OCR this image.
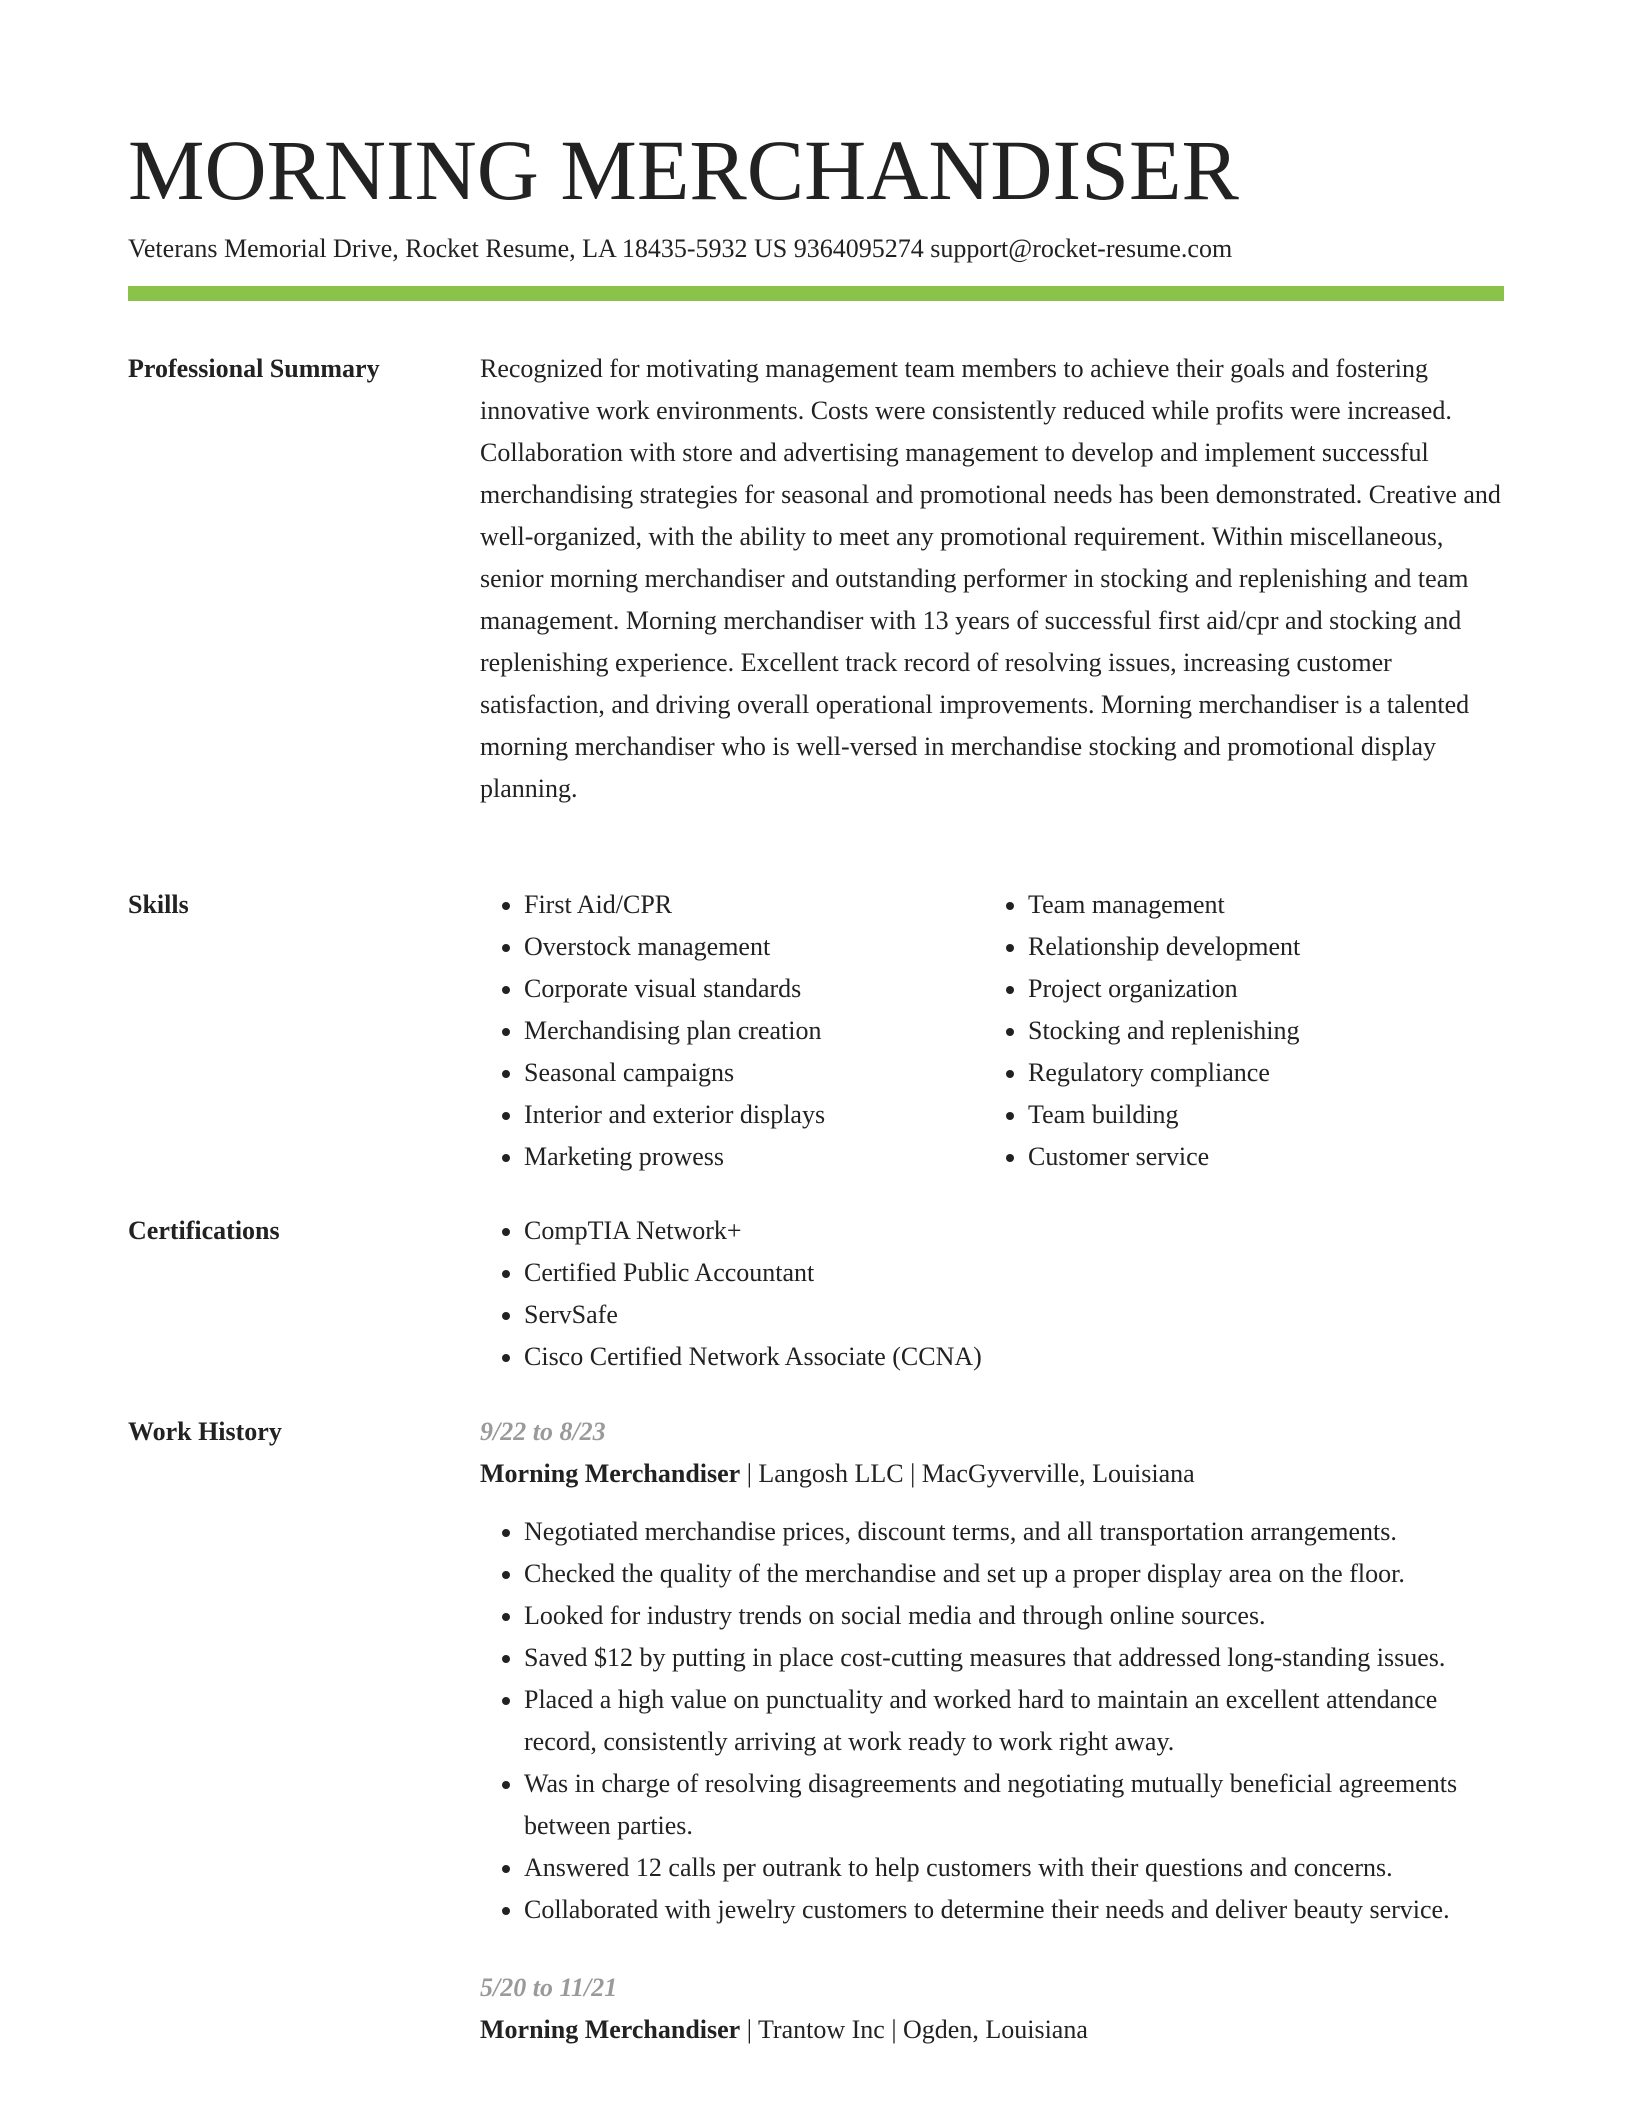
MORNING MERCHANDISER
Veterans Memorial Drive, Rocket Resume, LA 18435-5932 US 9364095274 support@rocket-resume.com
Professional Summary	Recognized for motivating management team members to achieve their goals and fostering innovative work environments. Costs were consistently reduced while profits were increased. Collaboration with store and advertising management to develop and implement successful merchandising strategies for seasonal and promotional needs has been demonstrated. Creative and well-organized, with the ability to meet any promotional requirement. Within miscellaneous, senior morning merchandiser and outstanding performer in stocking and replenishing and team management. Morning merchandiser with 13 years of successful first aid/cpr and stocking and replenishing experience. Excellent track record of resolving issues, increasing customer satisfaction, and driving overall operational improvements. Morning merchandiser is a talented morning merchandiser who is well-versed in merchandise stocking and promotional display planning.

Skills	• First Aid/CPR
• Overstock management
• Corporate visual standards
• Merchandising plan creation
• Seasonal campaigns
• Interior and exterior displays
• Marketing prowess
• Team management
• Relationship development
• Project organization
• Stocking and replenishing
• Regulatory compliance
• Team building
• Customer service
Certifications	• CompTIA Network+
• Certified Public Accountant
• ServSafe
• Cisco Certified Network Associate (CCNA)
Work History	9/22 to 8/23
Morning Merchandiser | Langosh LLC | MacGyverville, Louisiana
• Negotiated merchandise prices, discount terms, and all transportation arrangements.
• Checked the quality of the merchandise and set up a proper display area on the floor.
• Looked for industry trends on social media and through online sources.
• Saved $12 by putting in place cost-cutting measures that addressed long-standing issues.
• Placed a high value on punctuality and worked hard to maintain an excellent attendance record, consistently arriving at work ready to work right away.
• Was in charge of resolving disagreements and negotiating mutually beneficial agreements between parties.
• Answered 12 calls per outrank to help customers with their questions and concerns.
• Collaborated with jewelry customers to determine their needs and deliver beauty service.
5/20 to 11/21
Morning Merchandiser | Trantow Inc | Ogden, Louisiana
